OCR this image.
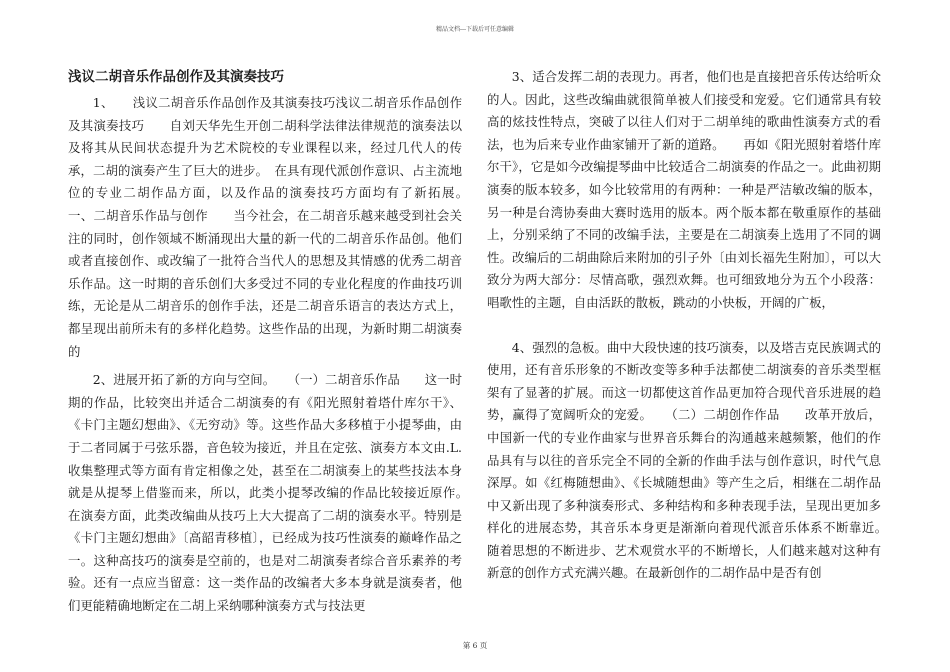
精品文档---下载后可任意编辑
浅议二胡音乐作品创作及其演奏技巧

1、　　浅议二胡音乐作品创作及其演奏技巧浅议二胡音乐作品创作及其演奏技巧　　自刘天华先生开创二胡科学法律法律规范的演奏法以及将其从民间状态提升为艺术院校的专业课程以来，经过几代人的传承，二胡的演奏产生了巨大的进步。　在具有现代派创作意识、占主流地位的专业二胡作品方面，以及作品的演奏技巧方面均有了新拓展。　　一、二胡音乐作品与创作　　当今社会，在二胡音乐越来越受到社会关注的同时，创作领域不断涌现出大量的新一代的二胡音乐作品创。他们或者直接创作、或改编了一批符合当代人的思想及其情感的优秀二胡音乐作品。这一时期的音乐创们大多受过不同的专业化程度的作曲技巧训练，无论是从二胡音乐的创作手法，还是二胡音乐语言的表达方式上，都呈现出前所未有的多样化趋势。这些作品的出现，为新时期二胡演奏的

2、进展开拓了新的方向与空间。　　（一）二胡音乐作品　　这一时期的作品，比较突出并适合二胡演奏的有《阳光照射着塔什库尔干》、《卡门主题幻想曲》、《无穷动》等。这些作品大多移植于小提琴曲，由于二者同属于弓弦乐器，音色较为接近，并且在定弦、演奏方本文由.L.收集整理式等方面有肯定相像之处，甚至在二胡演奏上的某些技法本身就是从提琴上借鉴而来，所以，此类小提琴改编的作品比较接近原作。　　在演奏方面，此类改编曲从技巧上大大提高了二胡的演奏水平。特别是《卡门主题幻想曲》〔高韶青移植〕，已经成为技巧性演奏的巅峰作品之一。这种高技巧的演奏是空前的，也是对二胡演奏者综合音乐素养的考验。还有一点应当留意：这一类作品的改编者大多本身就是演奏者，他们更能精确地断定在二胡上采纳哪种演奏方式与技法更

3、适合发挥二胡的表现力。再者，他们也是直接把音乐传达给听众的人。因此，这些改编曲就很简单被人们接受和宠爱。它们通常具有较高的炫技性特点，突破了以往人们对于二胡单纯的歌曲性演奏方式的看法，也为后来专业作曲家铺开了新的道路。　　再如《阳光照射着塔什库尔干》，它是如今改编提琴曲中比较适合二胡演奏的作品之一。此曲初期演奏的版本较多，如今比较常用的有两种：一种是严洁敏改编的版本，另一种是台湾协奏曲大赛时选用的版本。两个版本都在敬重原作的基础上，分别采纳了不同的改编手法，主要是在二胡演奏上选用了不同的调性。改编后的二胡曲除后来附加的引子外〔由刘长福先生附加〕，可以大致分为两大部分：尽情高歌，强烈欢舞。也可细致地分为五个小段落：唱歌性的主题，自由活跃的散板，跳动的小快板，开阔的广板，

4、强烈的急板。曲中大段快速的技巧演奏，以及塔吉克民族调式的使用，还有音乐形象的不断改变等多种手法都使二胡演奏的音乐类型框架有了显著的扩展。而这一切都使这首作品更加符合现代音乐进展的趋势，赢得了宽阔听众的宠爱。　　（二）二胡创作作品　　改革开放后，中国新一代的专业作曲家与世界音乐舞台的沟通越来越频繁，他们的作品具有与以往的音乐完全不同的全新的作曲手法与创作意识，时代气息深厚。如《红梅随想曲》、《长城随想曲》等产生之后，相继在二胡作品中又新出现了多种演奏形式、多种结构和多种表现手法，呈现出更加多样化的进展态势，其音乐本身更是渐渐向着现代派音乐体系不断靠近。　　随着思想的不断进步、艺术观赏水平的不断增长，人们越来越对这种有新意的创作方式充满兴趣。在最新创作的二胡作品中是否有创

第 6 页
